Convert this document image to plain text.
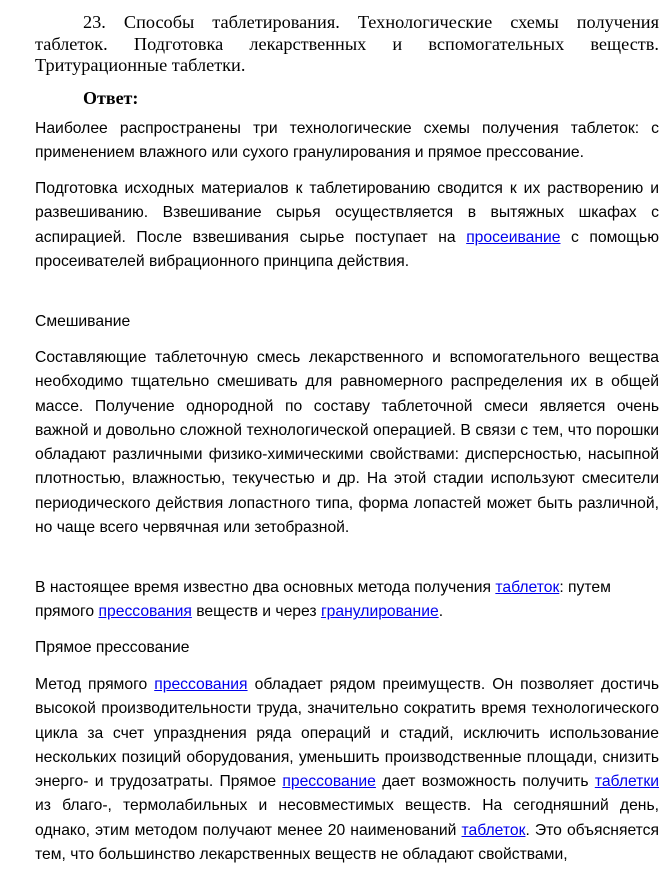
23. Способы таблетирования. Технологические схемы получения таблеток. Подготовка лекарственных и вспомогательных веществ. Тритурационные таблетки.
Ответ:

Наиболее распространены три технологические схемы получения таблеток: с применением влажного или сухого гранулирования и прямое прессование.

Подготовка исходных материалов к таблетированию сводится к их растворению и развешиванию. Взвешивание сырья осуществляется в вытяжных шкафах с аспирацией. После взвешивания сырье поступает на просеивание с помощью просеивателей вибрационного принципа действия.

Смешивание

Составляющие таблеточную смесь лекарственного и вспомогательного вещества необходимо тщательно смешивать для равномерного распределения их в общей массе. Получение однородной по составу таблеточной смеси является очень важной и довольно сложной технологической операцией. В связи с тем, что порошки обладают различными физико-химическими свойствами: дисперсностью, насыпной плотностью, влажностью, текучестью и др. На этой стадии используют смесители периодического действия лопастного типа, форма лопастей может быть различной, но чаще всего червячная или зетобразной.

В настоящее время известно два основных метода получения таблеток: путем прямого прессования веществ и через гранулирование.

Прямое прессование

Метод прямого прессования обладает рядом преимуществ. Он позволяет достичь высокой производительности труда, значительно сократить время технологического цикла за счет упразднения ряда операций и стадий, исключить использование нескольких позиций оборудования, уменьшить производственные площади, снизить энерго- и трудозатраты. Прямое прессование дает возможность получить таблетки из благо-, термолабильных и несовместимых веществ. На сегодняшний день, однако, этим методом получают менее 20 наименований таблеток. Это объясняется тем, что большинство лекарственных веществ не обладают свойствами,
